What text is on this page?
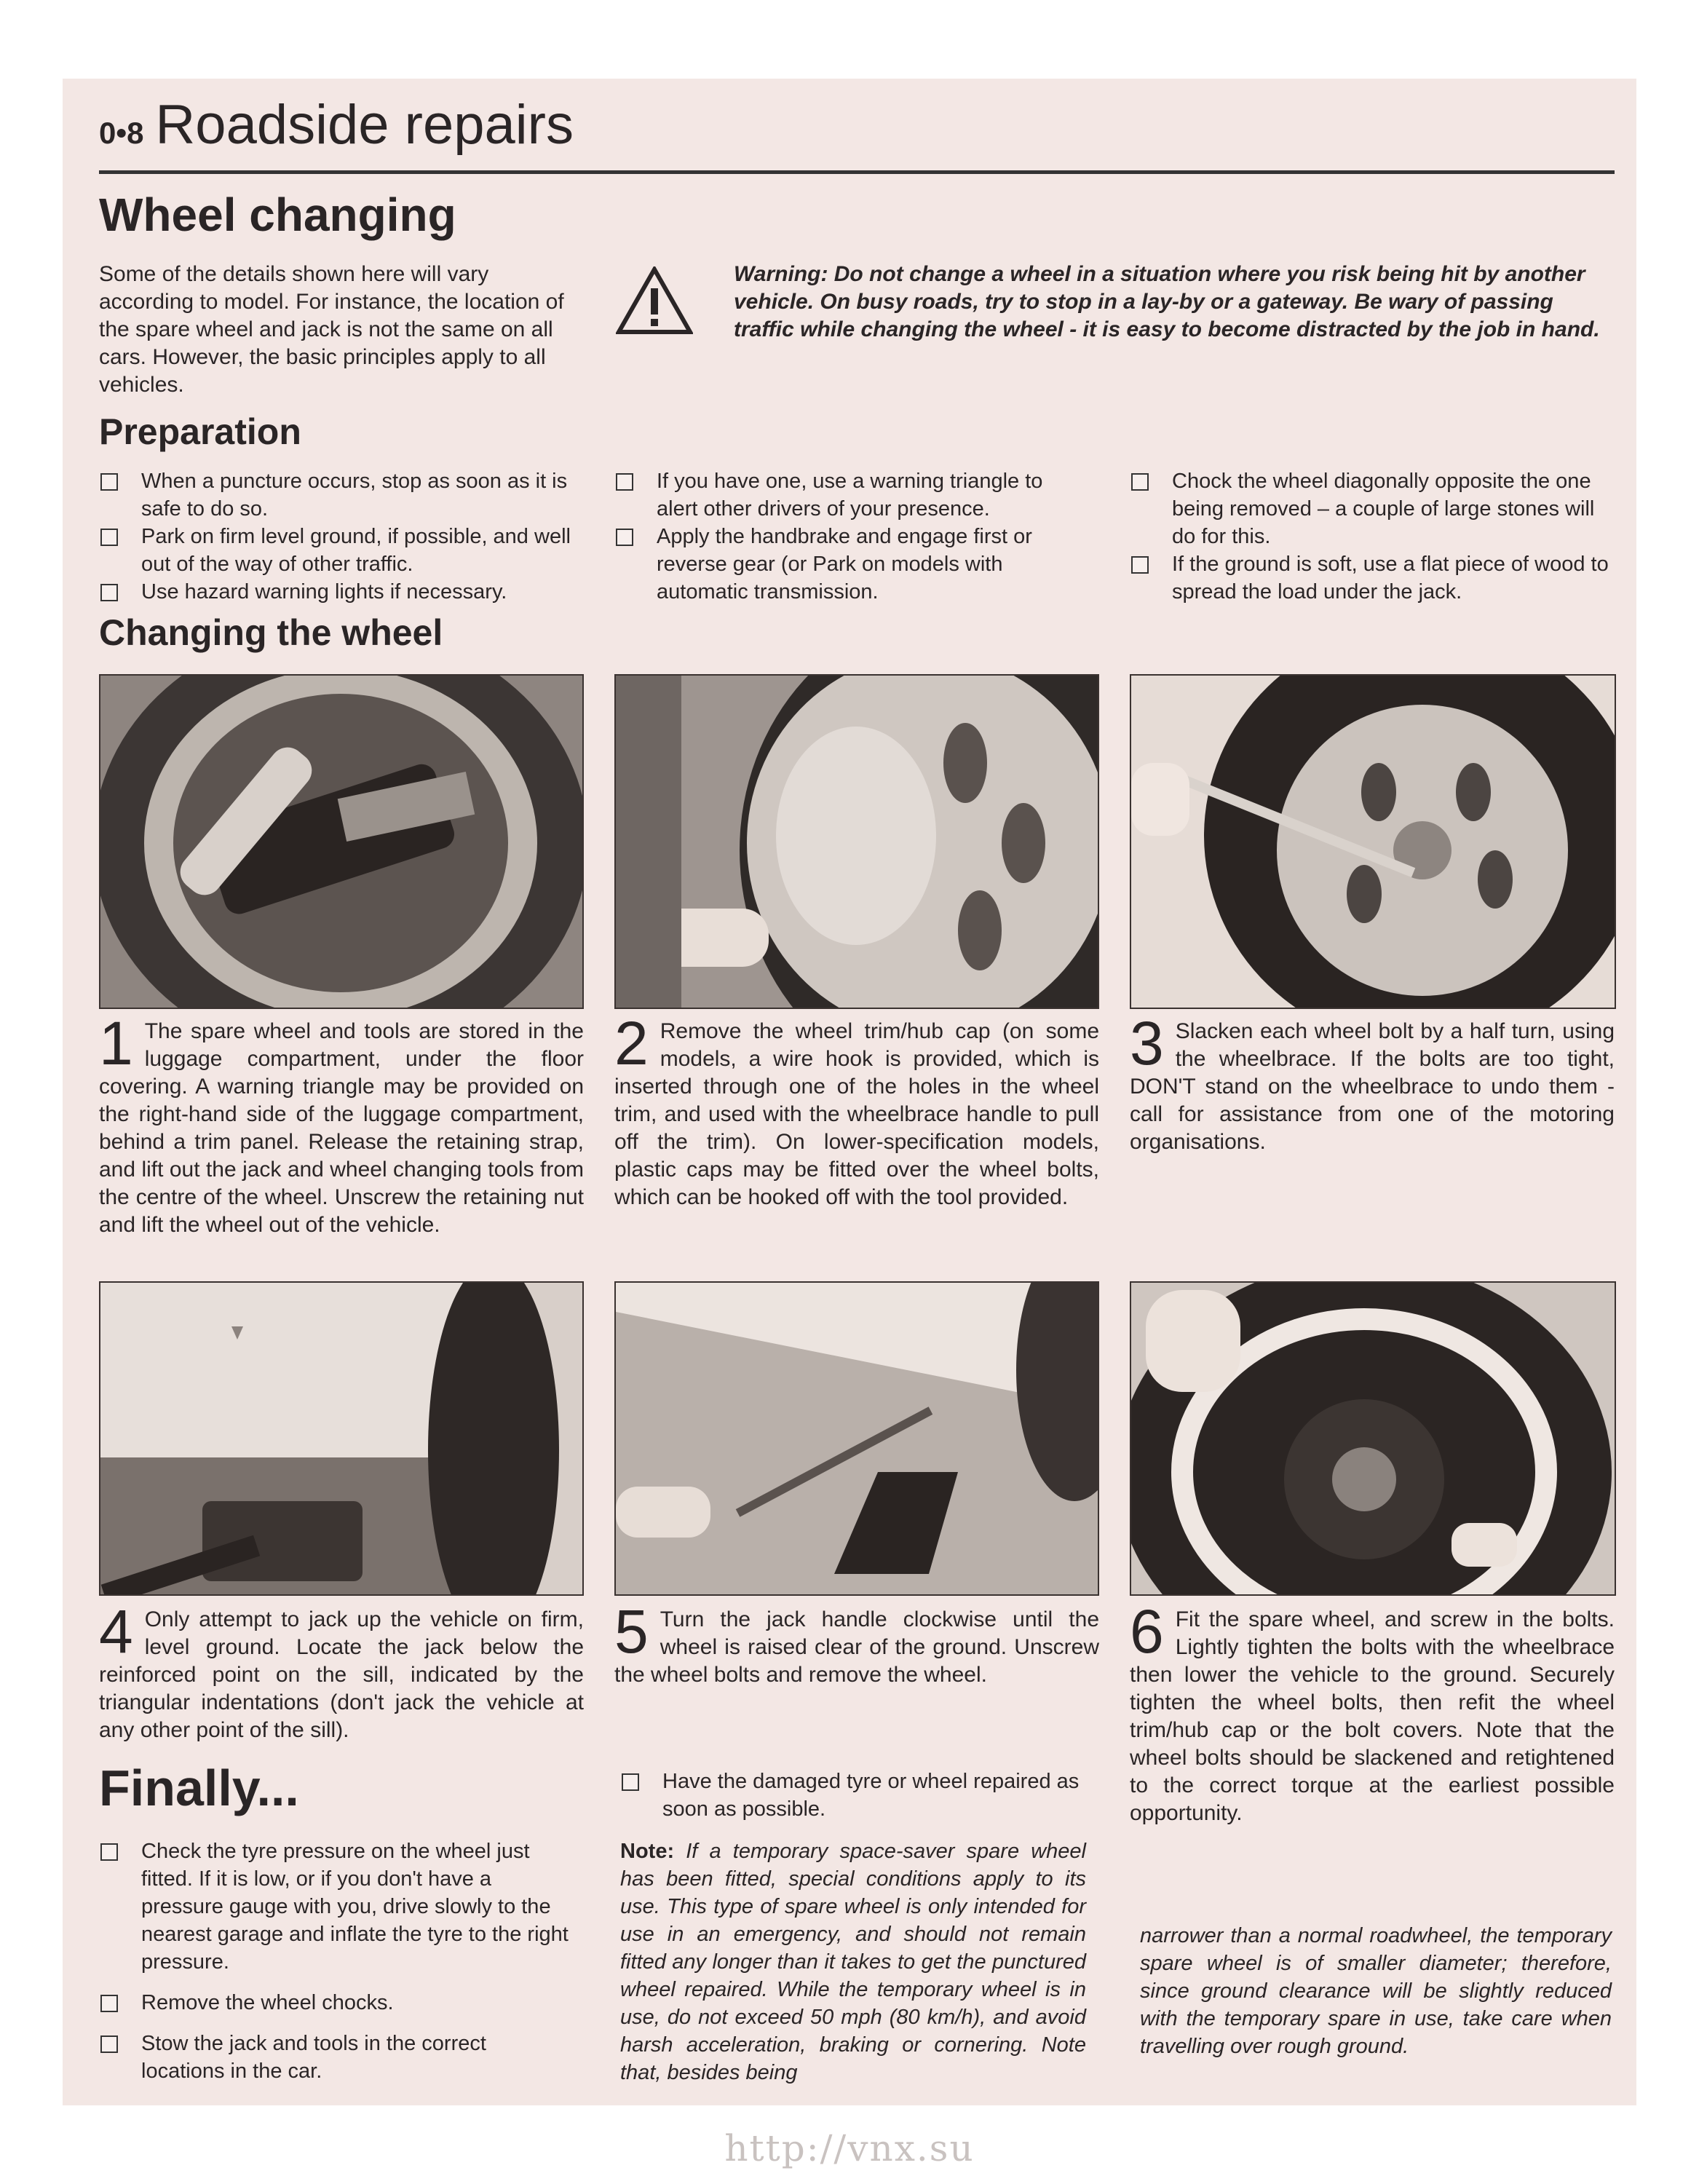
0•8 Roadside repairs
Wheel changing
Some of the details shown here will vary according to model. For instance, the location of the spare wheel and jack is not the same on all cars. However, the basic principles apply to all vehicles.
Warning: Do not change a wheel in a situation where you risk being hit by another vehicle. On busy roads, try to stop in a lay-by or a gateway. Be wary of passing traffic while changing the wheel - it is easy to become distracted by the job in hand.
Preparation
When a puncture occurs, stop as soon as it is safe to do so.
Park on firm level ground, if possible, and well out of the way of other traffic.
Use hazard warning lights if necessary.
If you have one, use a warning triangle to alert other drivers of your presence.
Apply the handbrake and engage first or reverse gear (or Park on models with automatic transmission.
Chock the wheel diagonally opposite the one being removed – a couple of large stones will do for this.
If the ground is soft, use a flat piece of wood to spread the load under the jack.
Changing the wheel
1 The spare wheel and tools are stored in the luggage compartment, under the floor covering. A warning triangle may be provided on the right-hand side of the luggage compartment, behind a trim panel. Release the retaining strap, and lift out the jack and wheel changing tools from the centre of the wheel. Unscrew the retaining nut and lift the wheel out of the vehicle.
2 Remove the wheel trim/hub cap (on some models, a wire hook is provided, which is inserted through one of the holes in the wheel trim, and used with the wheelbrace handle to pull off the trim). On lower-specification models, plastic caps may be fitted over the wheel bolts, which can be hooked off with the tool provided.
3 Slacken each wheel bolt by a half turn, using the wheelbrace. If the bolts are too tight, DON'T stand on the wheelbrace to undo them - call for assistance from one of the motoring organisations.
4 Only attempt to jack up the vehicle on firm, level ground. Locate the jack below the reinforced point on the sill, indicated by the triangular indentations (don't jack the vehicle at any other point of the sill).
5 Turn the jack handle clockwise until the wheel is raised clear of the ground. Unscrew the wheel bolts and remove the wheel.
6 Fit the spare wheel, and screw in the bolts. Lightly tighten the bolts with the wheelbrace then lower the vehicle to the ground. Securely tighten the wheel bolts, then refit the wheel trim/hub cap or the bolt covers. Note that the wheel bolts should be slackened and retightened to the correct torque at the earliest possible opportunity.
Finally...
Check the tyre pressure on the wheel just fitted. If it is low, or if you don't have a pressure gauge with you, drive slowly to the nearest garage and inflate the tyre to the right pressure.
Remove the wheel chocks.
Stow the jack and tools in the correct locations in the car.
Have the damaged tyre or wheel repaired as soon as possible.
Note: If a temporary space-saver spare wheel has been fitted, special conditions apply to its use. This type of spare wheel is only intended for use in an emergency, and should not remain fitted any longer than it takes to get the punctured wheel repaired. While the temporary wheel is in use, do not exceed 50 mph (80 km/h), and avoid harsh acceleration, braking or cornering. Note that, besides being
narrower than a normal roadwheel, the temporary spare wheel is of smaller diameter; therefore, since ground clearance will be slightly reduced with the temporary spare in use, take care when travelling over rough ground.
http://vnx.su
